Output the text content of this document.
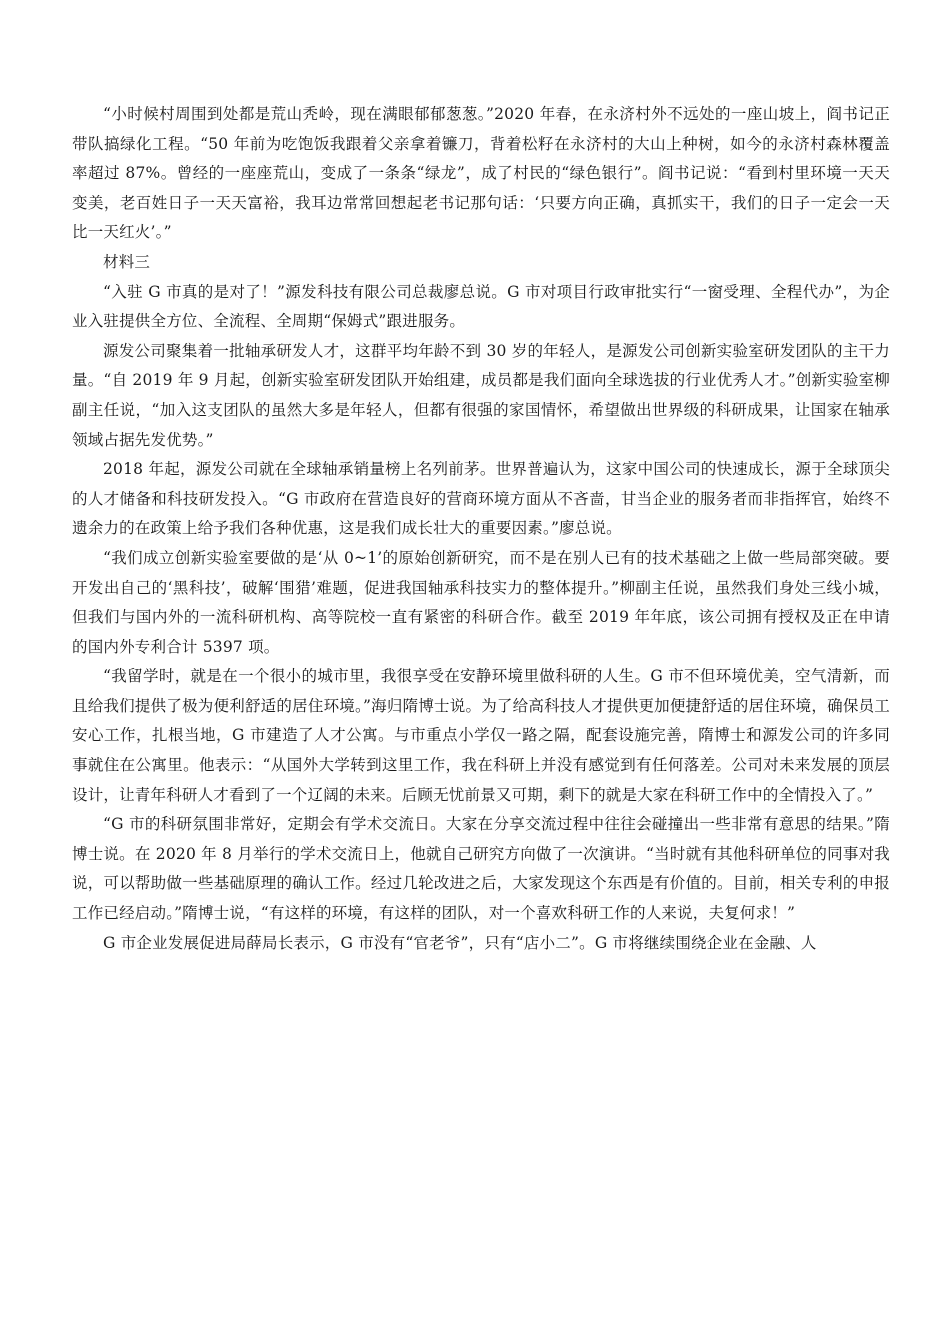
“小时候村周围到处都是荒山秃岭，现在满眼郁郁葱葱。”2020 年春，在永济村外不远处的一座山坡上，阎书记正带队搞绿化工程。“50 年前为吃饱饭我跟着父亲拿着镰刀，背着松籽在永济村的大山上种树，如今的永济村森林覆盖率超过 87%。曾经的一座座荒山，变成了一条条“绿龙”，成了村民的“绿色银行”。阎书记说：“看到村里环境一天天变美，老百姓日子一天天富裕，我耳边常常回想起老书记那句话：‘只要方向正确，真抓实干，我们的日子一定会一天比一天红火’。”

材料三

“入驻 G 市真的是对了！”源发科技有限公司总裁廖总说。G 市对项目行政审批实行“一窗受理、全程代办”，为企业入驻提供全方位、全流程、全周期“保姆式”跟进服务。

源发公司聚集着一批轴承研发人才，这群平均年龄不到 30 岁的年轻人，是源发公司创新实验室研发团队的主干力量。“自 2019 年 9 月起，创新实验室研发团队开始组建，成员都是我们面向全球选拔的行业优秀人才。”创新实验室柳副主任说，“加入这支团队的虽然大多是年轻人，但都有很强的家国情怀，希望做出世界级的科研成果，让国家在轴承领域占据先发优势。”

2018 年起，源发公司就在全球轴承销量榜上名列前茅。世界普遍认为，这家中国公司的快速成长，源于全球顶尖的人才储备和科技研发投入。“G 市政府在营造良好的营商环境方面从不吝啬，甘当企业的服务者而非指挥官，始终不遗余力的在政策上给予我们各种优惠，这是我们成长壮大的重要因素。”廖总说。

“我们成立创新实验室要做的是‘从 0~1’的原始创新研究，而不是在别人已有的技术基础之上做一些局部突破。要开发出自己的‘黑科技’，破解‘围猎’难题，促进我国轴承科技实力的整体提升。”柳副主任说，虽然我们身处三线小城，但我们与国内外的一流科研机构、高等院校一直有紧密的科研合作。截至 2019 年年底，该公司拥有授权及正在申请的国内外专利合计 5397 项。

“我留学时，就是在一个很小的城市里，我很享受在安静环境里做科研的人生。G 市不但环境优美，空气清新，而且给我们提供了极为便利舒适的居住环境。”海归隋博士说。为了给高科技人才提供更加便捷舒适的居住环境，确保员工安心工作，扎根当地，G 市建造了人才公寓。与市重点小学仅一路之隔，配套设施完善，隋博士和源发公司的许多同事就住在公寓里。他表示：“从国外大学转到这里工作，我在科研上并没有感觉到有任何落差。公司对未来发展的顶层设计，让青年科研人才看到了一个辽阔的未来。后顾无忧前景又可期，剩下的就是大家在科研工作中的全情投入了。”

“G 市的科研氛围非常好，定期会有学术交流日。大家在分享交流过程中往往会碰撞出一些非常有意思的结果。”隋博士说。在 2020 年 8 月举行的学术交流日上，他就自己研究方向做了一次演讲。“当时就有其他科研单位的同事对我说，可以帮助做一些基础原理的确认工作。经过几轮改进之后，大家发现这个东西是有价值的。目前，相关专利的申报工作已经启动。”隋博士说，“有这样的环境，有这样的团队，对一个喜欢科研工作的人来说，夫复何求！”

G 市企业发展促进局薛局长表示，G 市没有“官老爷”，只有“店小二”。G 市将继续围绕企业在金融、人
